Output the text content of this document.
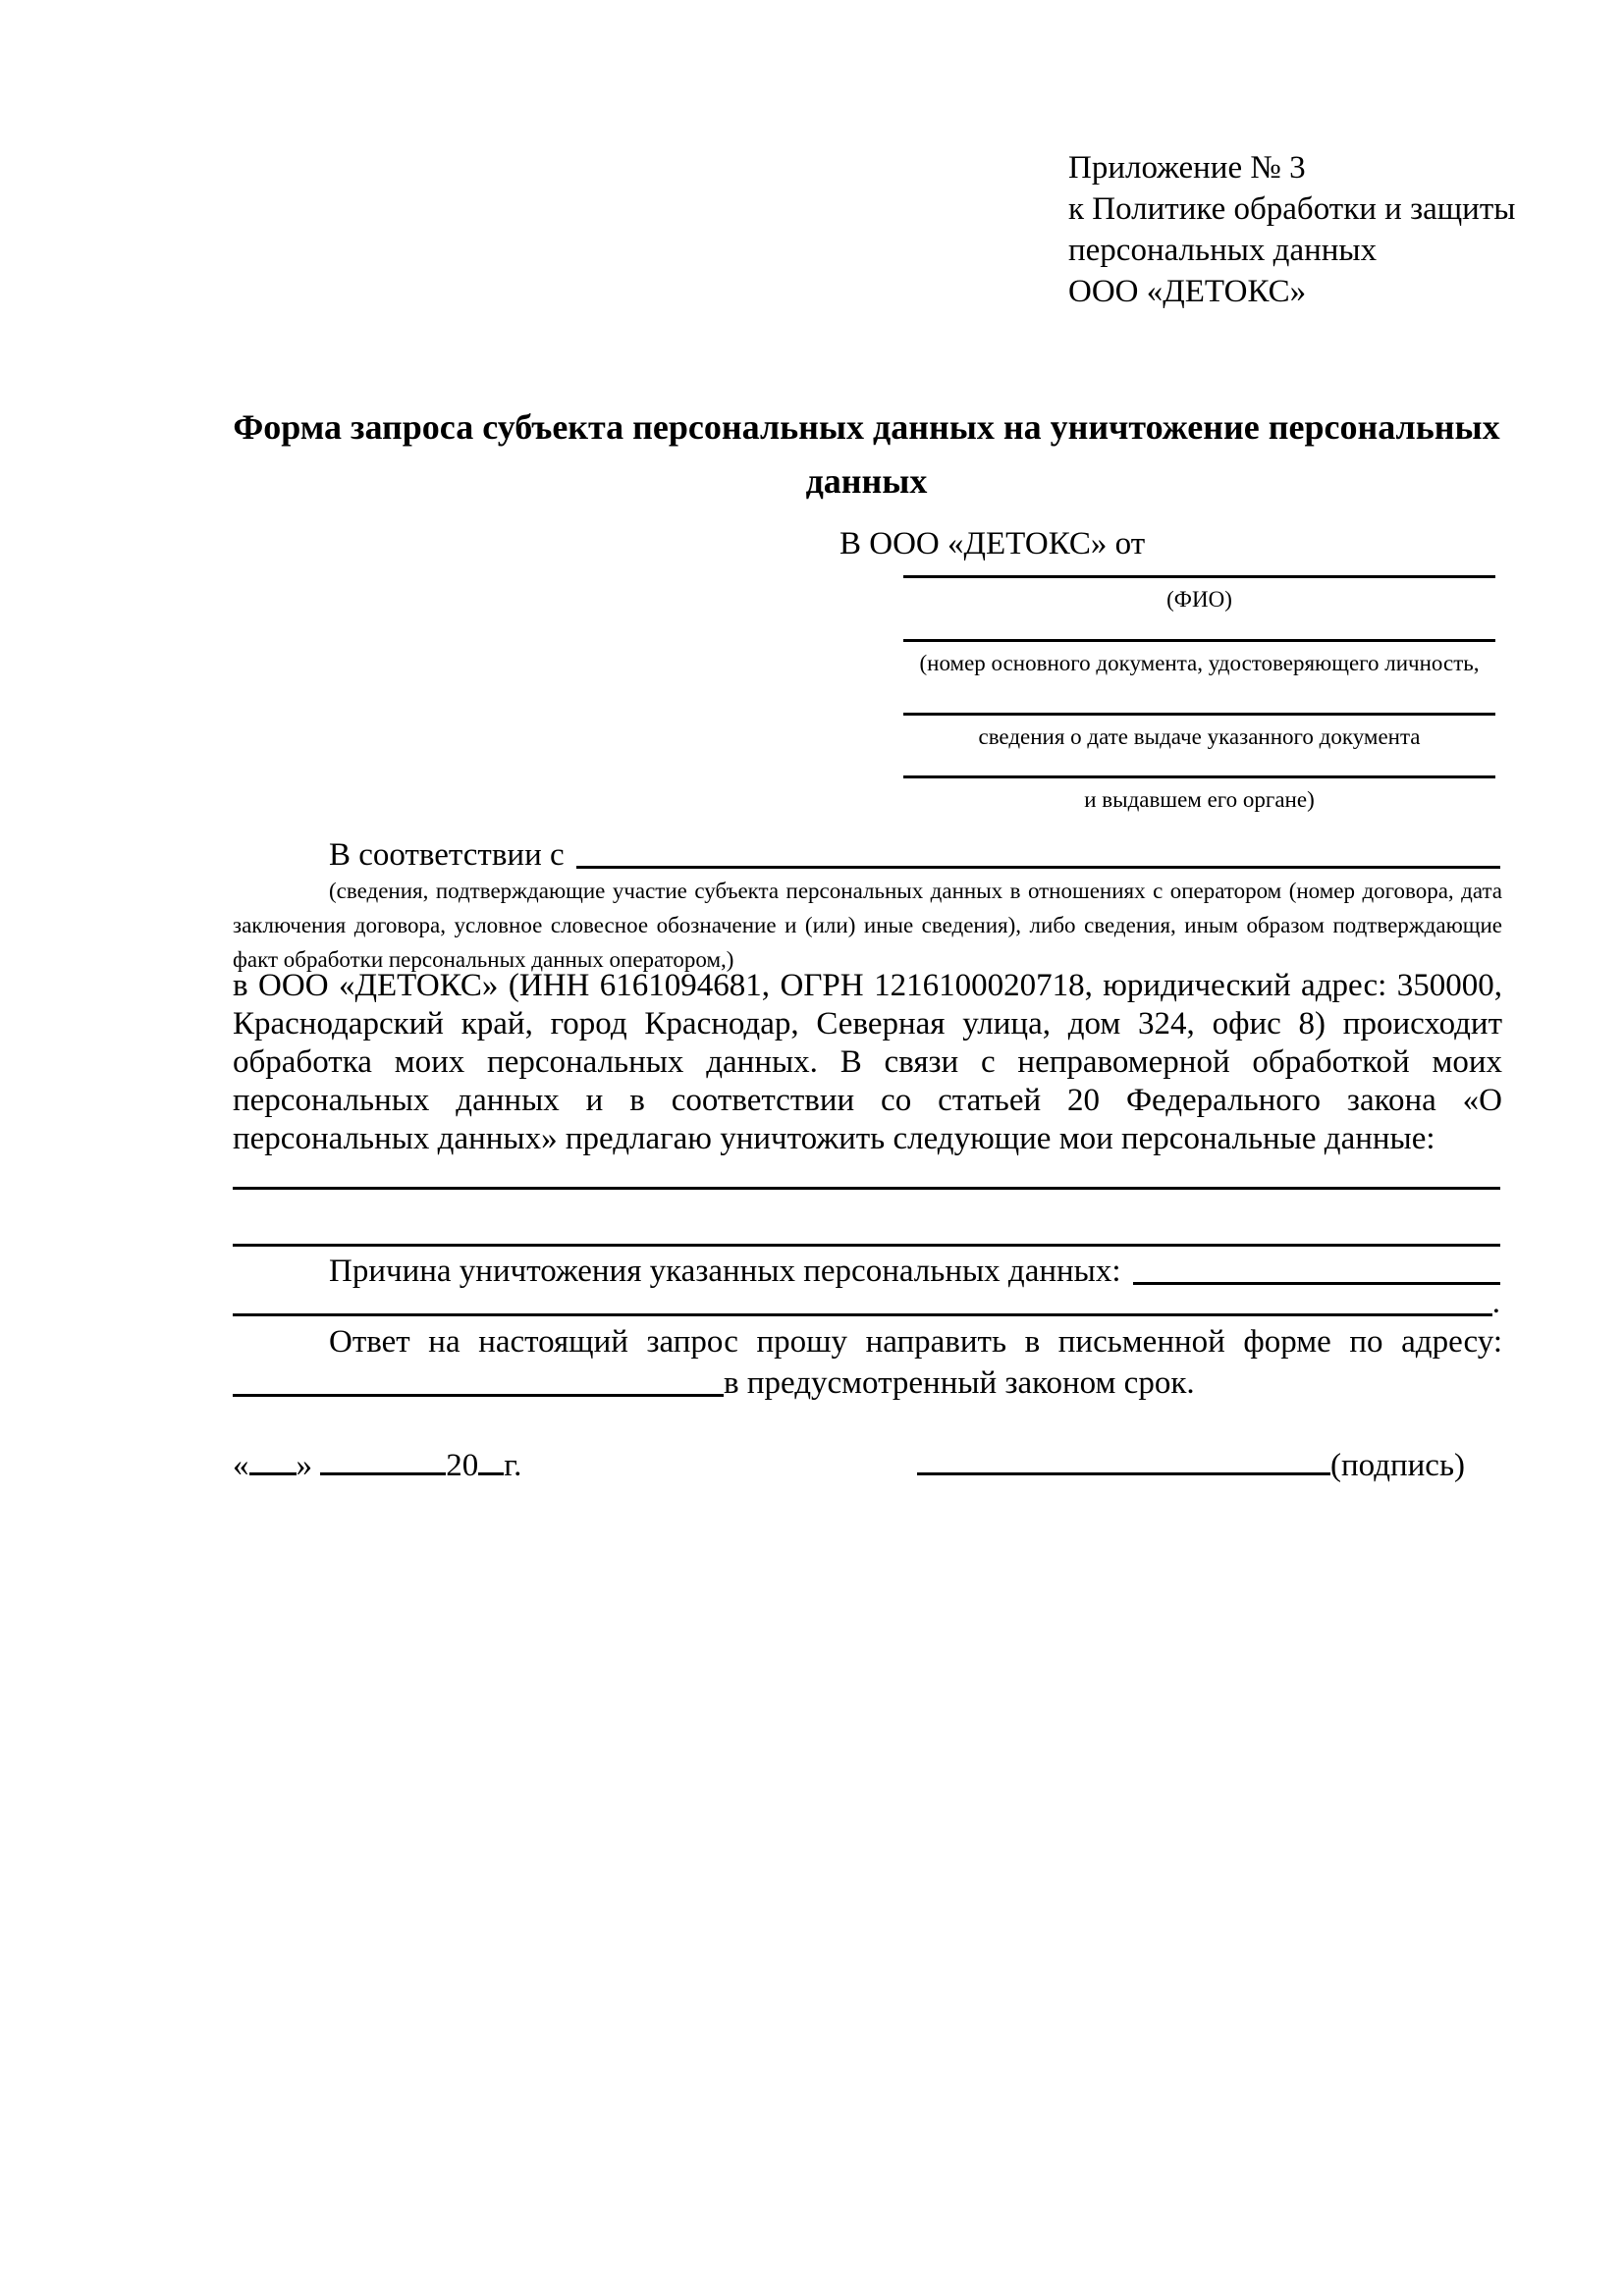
Приложение № 3
к Политике обработки и защиты
персональных данных
ООО «ДЕТОКС»
Форма запроса субъекта персональных данных на уничтожение персональных данных
В ООО «ДЕТОКС» от
(ФИО)
(номер основного документа, удостоверяющего личность,
сведения о дате выдаче указанного документа
и выдавшем его органе)
В соответствии с
(сведения, подтверждающие участие субъекта персональных данных в отношениях с оператором (номер договора, дата заключения договора, условное словесное обозначение и (или) иные сведения), либо сведения, иным образом подтверждающие факт обработки персональных данных оператором,)
в ООО «ДЕТОКС» (ИНН 6161094681, ОГРН 1216100020718, юридический адрес: 350000, Краснодарский край, город Краснодар, Северная улица, дом 324, офис 8) происходит обработка моих персональных данных. В связи с неправомерной обработкой моих персональных данных и в соответствии со статьей 20 Федерального закона «О персональных данных» предлагаю уничтожить следующие мои персональные данные:
Причина уничтожения указанных персональных данных:
.
Ответ на настоящий запрос прошу направить в письменной форме по адресу:
в предусмотренный законом срок.
« »	20 г.	(подпись)
